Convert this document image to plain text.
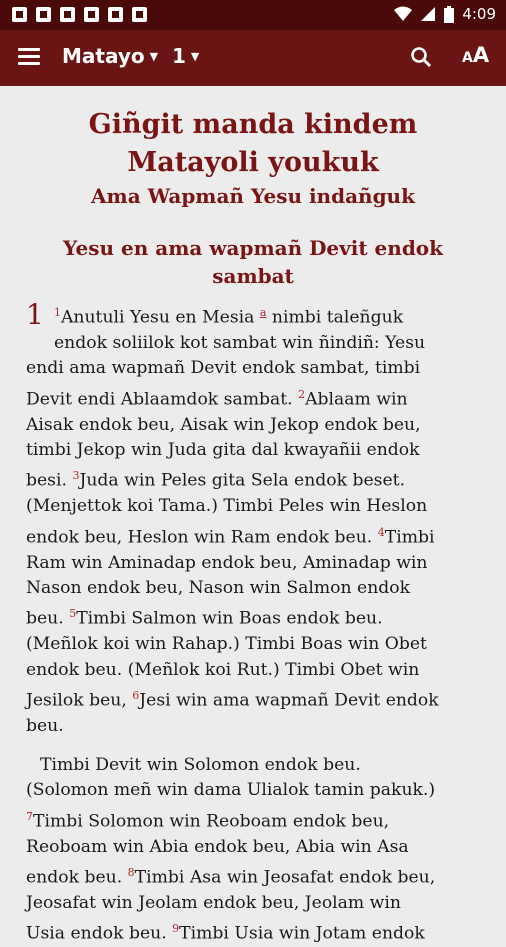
4:09
Matayo ▼ 1 ▼	AA
Giñgit manda kindem
Matayoli youkuk
Ama Wapmañ Yesu indañguk
Yesu en ama wapmañ Devit endok
sambat
1 $^1$Anutuli Yesu en Mesia $^a$ nimbi taleñguk
endok soliilok kot sambat win ñindiñ: Yesu
endi ama wapmañ Devit endok sambat, timbi
Devit endi Ablaamdok sambat. $^2$Ablaam win
Aisak endok beu, Aisak win Jekop endok beu,
timbi Jekop win Juda gita dal kwayañii endok
besi. $^3$Juda win Peles gita Sela endok beset.
(Menjettok koi Tama.) Timbi Peles win Heslon
endok beu, Heslon win Ram endok beu. $^4$Timbi
Ram win Aminadap endok beu, Aminadap win
Nason endok beu, Nason win Salmon endok
beu. $^5$Timbi Salmon win Boas endok beu.
(Meñlok koi win Rahap.) Timbi Boas win Obet
endok beu. (Meñlok koi Rut.) Timbi Obet win
Jesilok beu, $^6$Jesi win ama wapmañ Devit endok
beu.
Timbi Devit win Solomon endok beu.
(Solomon meñ win dama Ulialok tamin pakuk.)
$^7$Timbi Solomon win Reoboam endok beu,
Reoboam win Abia endok beu, Abia win Asa
endok beu. $^8$Timbi Asa win Jeosafat endok beu,
Jeosafat win Jeolam endok beu, Jeolam win
Usia endok beu. $^9$Timbi Usia win Jotam endok
